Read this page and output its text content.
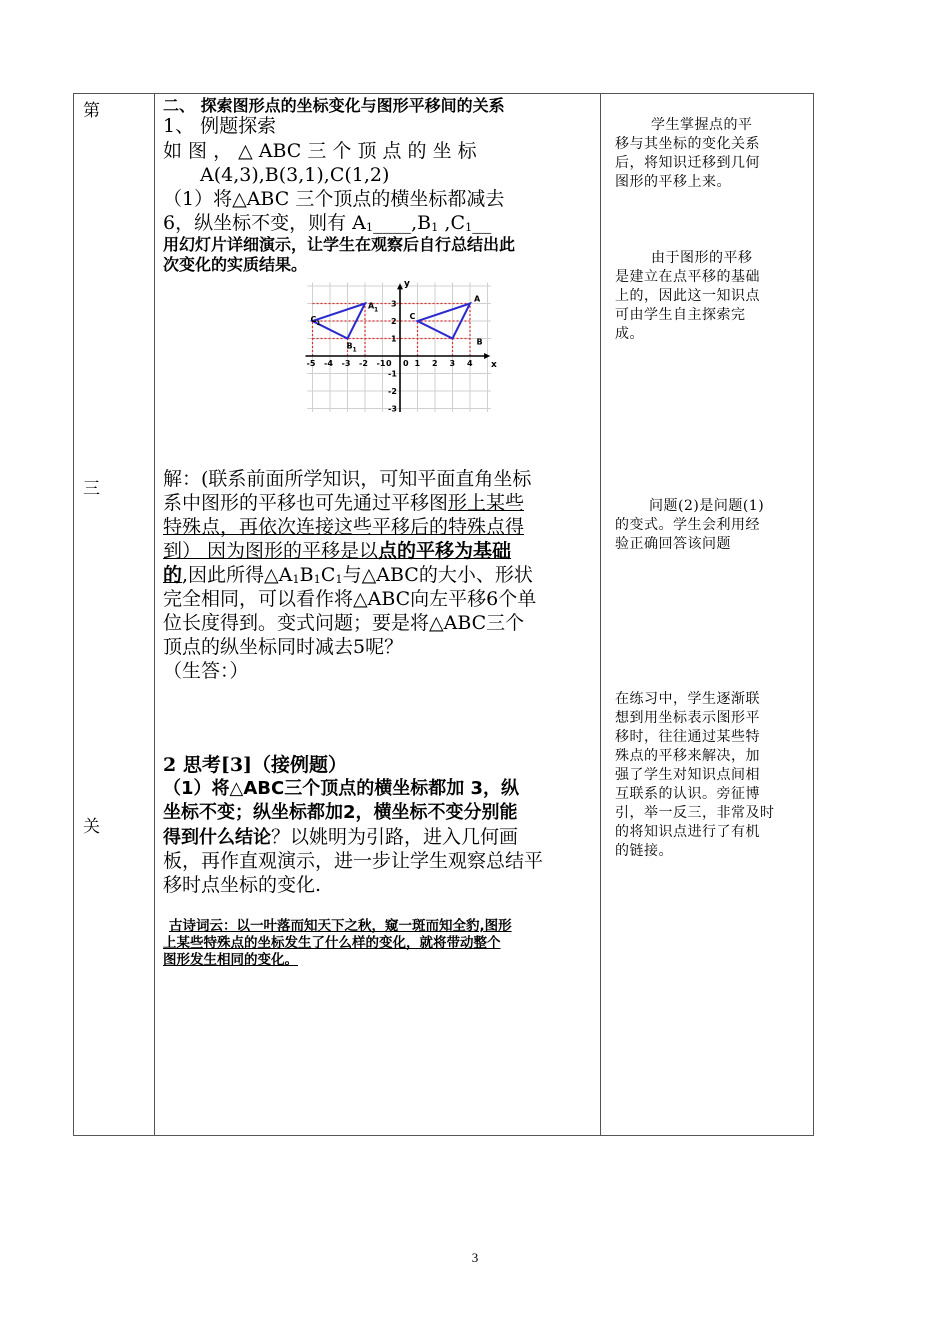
第
三
关
二、 探索图形点的坐标变化与图形平移间的关系
1、 例题探索
如 图 ， △ ABC 三 个 顶 点 的 坐 标
A(4,3),B(3,1),C(1,2)
（1）将△ABC 三个顶点的横坐标都减去
6，纵坐标不变，则有 $A_1\_\_\_\_,B_1$ $,C_1\_\_$
用幻灯片详细演示，让学生在观察后自行总结出此
次变化的实质结果。
-5 -4 -3 -2 -1 0	1 2 3 4
0
3
2
1
-1
-2
-3
x
y
A
B
C
A 1
B 1
C 1
解：(联系前面所学知识，可知平面直角坐标
系中图形的平移也可先通过平移图形上某些
特殊点，再依次连接这些平移后的特殊点得
到） 因为图形的平移是以点的平移为基础
的,因此所得$\triangle A_1B_1C_1$与△ABC的大小、形状
完全相同，可以看作将△ABC向左平移6个单
位长度得到。变式问题；要是将△ABC三个
顶点的纵坐标同时减去5呢？
（生答：）
2 思考[3]（接例题）
（1）将△ABC三个顶点的横坐标都加 3，纵
坐标不变；纵坐标都加2，横坐标不变分别能
得到什么结论？以姚明为引路，进入几何画
板，再作直观演示，进一步让学生观察总结平
移时点坐标的变化.
古诗词云：以一叶落而知天下之秋，窥一斑而知全豹,图形
上某些特殊点的坐标发生了什么样的变化，就将带动整个
图形发生相同的变化。
学生掌握点的平
移与其坐标的变化关系
后，将知识迁移到几何
图形的平移上来。
由于图形的平移
是建立在点平移的基础
上的，因此这一知识点
可由学生自主探索完
成。
问题(2)是问题(1)
的变式。学生会利用经
验正确回答该问题
在练习中，学生逐渐联
想到用坐标表示图形平
移时，往往通过某些特
殊点的平移来解决，加
强了学生对知识点间相
互联系的认识。旁征博
引，举一反三，非常及时
的将知识点进行了有机
的链接。
3
